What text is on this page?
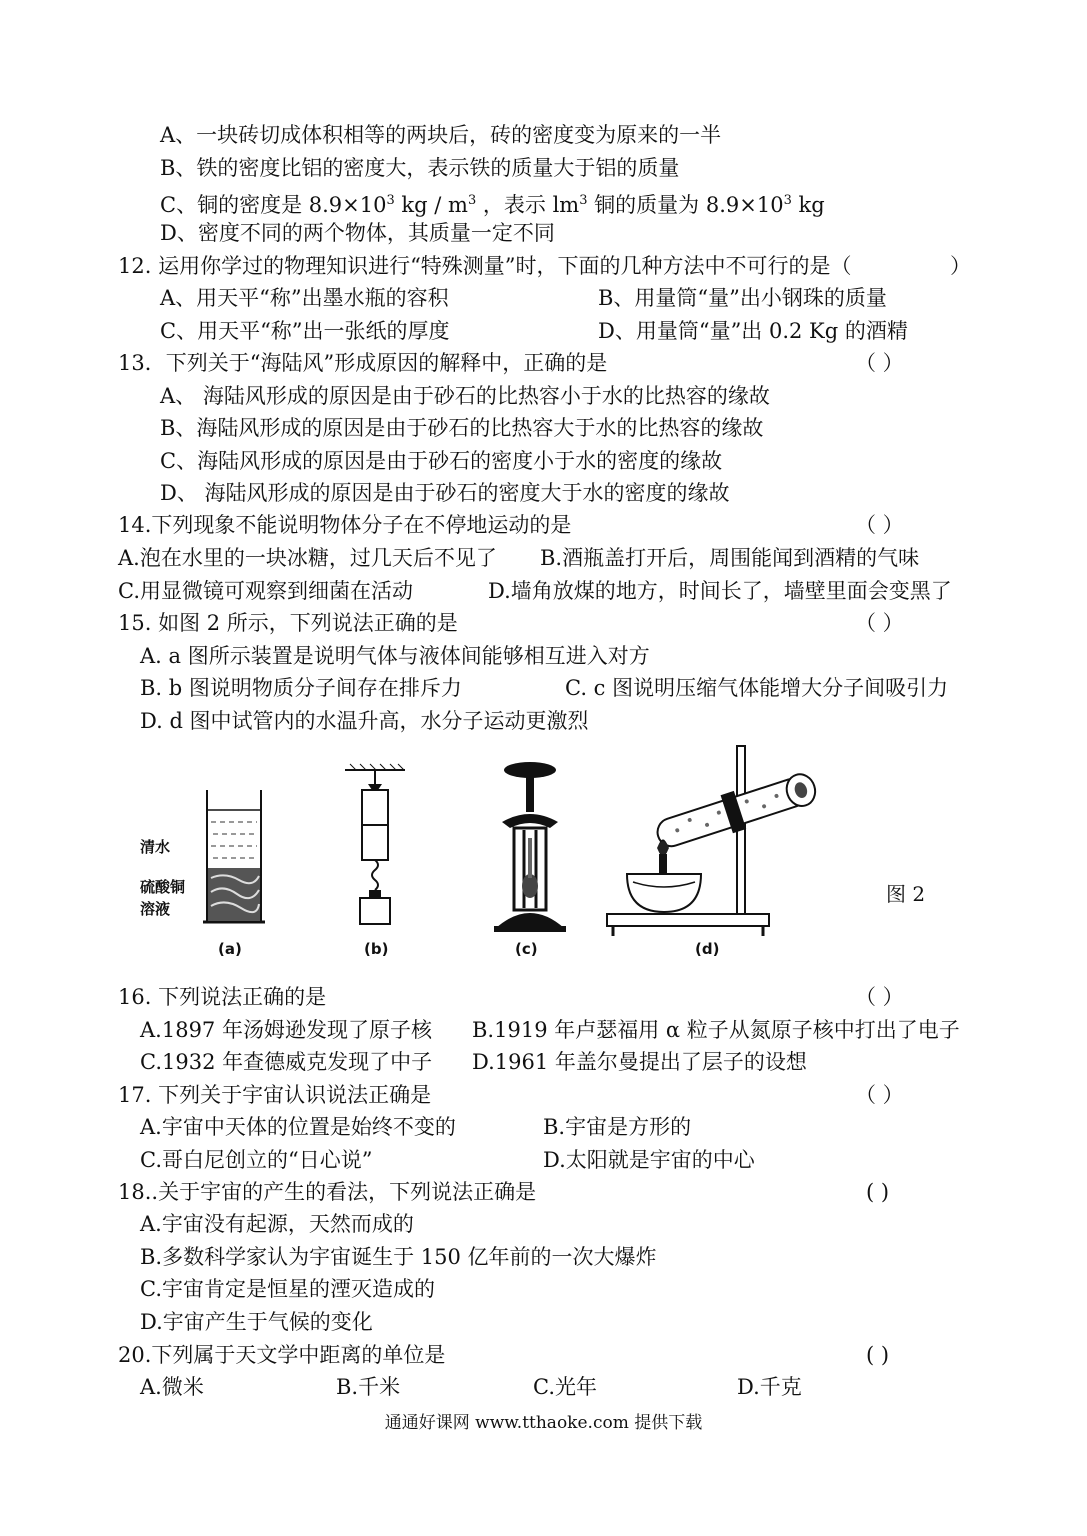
A、一块砖切成体积相等的两块后，砖的密度变为原来的一半
B、铁的密度比铝的密度大，表示铁的质量大于铝的质量
C、铜的密度是 $8.9\times 10^3$ kg / $m^3$ ，表示 $lm^3$ 铜的质量为 $8.9\times 10^3$ kg
D、密度不同的两个物体，其质量一定不同
12. 运用你学过的物理知识进行“特殊测量”时，下面的几种方法中不可行的是（	）
A、用天平“称”出墨水瓶的容积	B、用量筒“量”出小钢珠的质量
C、用天平“称”出一张纸的厚度	D、用量筒“量”出 0.2 Kg 的酒精
13．下列关于“海陆风”形成原因的解释中，正确的是	（ ）
A、 海陆风形成的原因是由于砂石的比热容小于水的比热容的缘故
B、海陆风形成的原因是由于砂石的比热容大于水的比热容的缘故
C、海陆风形成的原因是由于砂石的密度小于水的密度的缘故
D、 海陆风形成的原因是由于砂石的密度大于水的密度的缘故
14.下列现象不能说明物体分子在不停地运动的是	（ ）
A.泡在水里的一块冰糖，过几天后不见了 B.酒瓶盖打开后，周围能闻到酒精的气味
C.用显微镜可观察到细菌在活动	D.墙角放煤的地方，时间长了，墙壁里面会变黑了
15. 如图 2 所示，下列说法正确的是	（ ）
A. a 图所示装置是说明气体与液体间能够相互进入对方
B. b 图说明物质分子间存在排斥力	C. c 图说明压缩气体能增大分子间吸引力
D. d 图中试管内的水温升高，水分子运动更激烈
清水
硫酸铜
溶液
(a)	(b)	(c)	(d)
图 2
16. 下列说法正确的是	（ ）
A.1897 年汤姆逊发现了原子核 B.1919 年卢瑟福用 α 粒子从氮原子核中打出了电子
C.1932 年查德威克发现了中子 D.1961 年盖尔曼提出了层子的设想
17. 下列关于宇宙认识说法正确是	（ ）
A.宇宙中天体的位置是始终不变的	B.宇宙是方形的
C.哥白尼创立的“日心说”	D.太阳就是宇宙的中心
18..关于宇宙的产生的看法，下列说法正确是	( )
A.宇宙没有起源，天然而成的
B.多数科学家认为宇宙诞生于 150 亿年前的一次大爆炸
C.宇宙肯定是恒星的湮灭造成的
D.宇宙产生于气候的变化
20.下列属于天文学中距离的单位是	( )
A.微米	B.千米	C.光年	D.千克
通通好课网 www.tthaoke.com 提供下载
